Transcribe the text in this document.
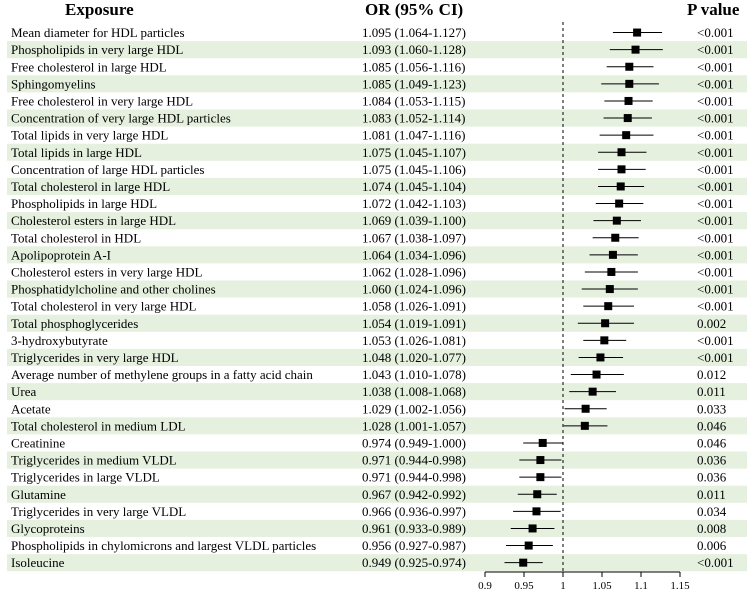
Exposure	OR (95% CI)	P value
Mean diameter for HDL particles	1.095 (1.064-1.127)	<0.001
Phospholipids in very large HDL	1.093 (1.060-1.128)	<0.001
Free cholesterol in large HDL	1.085 (1.056-1.116)	<0.001
Sphingomyelins	1.085 (1.049-1.123)	<0.001
Free cholesterol in very large HDL	1.084 (1.053-1.115)	<0.001
Concentration of very large HDL particles	1.083 (1.052-1.114)	<0.001
Total lipids in very large HDL	1.081 (1.047-1.116)	<0.001
Total lipids in large HDL	1.075 (1.045-1.107)	<0.001
Concentration of large HDL particles	1.075 (1.045-1.106)	<0.001
Total cholesterol in large HDL	1.074 (1.045-1.104)	<0.001
Phospholipids in large HDL	1.072 (1.042-1.103)	<0.001
Cholesterol esters in large HDL	1.069 (1.039-1.100)	<0.001
Total cholesterol in HDL	1.067 (1.038-1.097)	<0.001
Apolipoprotein A-I	1.064 (1.034-1.096)	<0.001
Cholesterol esters in very large HDL	1.062 (1.028-1.096)	<0.001
Phosphatidylcholine and other cholines	1.060 (1.024-1.096)	<0.001
Total cholesterol in very large HDL	1.058 (1.026-1.091)	<0.001
Total phosphoglycerides	1.054 (1.019-1.091)	0.002
3-hydroxybutyrate	1.053 (1.026-1.081)	<0.001
Triglycerides in very large HDL	1.048 (1.020-1.077)	<0.001
Average number of methylene groups in a fatty acid chain	1.043 (1.010-1.078)	0.012
Urea	1.038 (1.008-1.068)	0.011
Acetate	1.029 (1.002-1.056)	0.033
Total cholesterol in medium LDL	1.028 (1.001-1.057)	0.046
Creatinine	0.974 (0.949-1.000)	0.046
Triglycerides in medium VLDL	0.971 (0.944-0.998)	0.036
Triglycerides in large VLDL	0.971 (0.944-0.998)	0.036
Glutamine	0.967 (0.942-0.992)	0.011
Triglycerides in very large VLDL	0.966 (0.936-0.997)	0.034
Glycoproteins	0.961 (0.933-0.989)	0.008
Phospholipids in chylomicrons and largest VLDL particles	0.956 (0.927-0.987)	0.006
Isoleucine	0.949 (0.925-0.974)	<0.001
0.9 0.95 1 1.05 1.1 1.15
